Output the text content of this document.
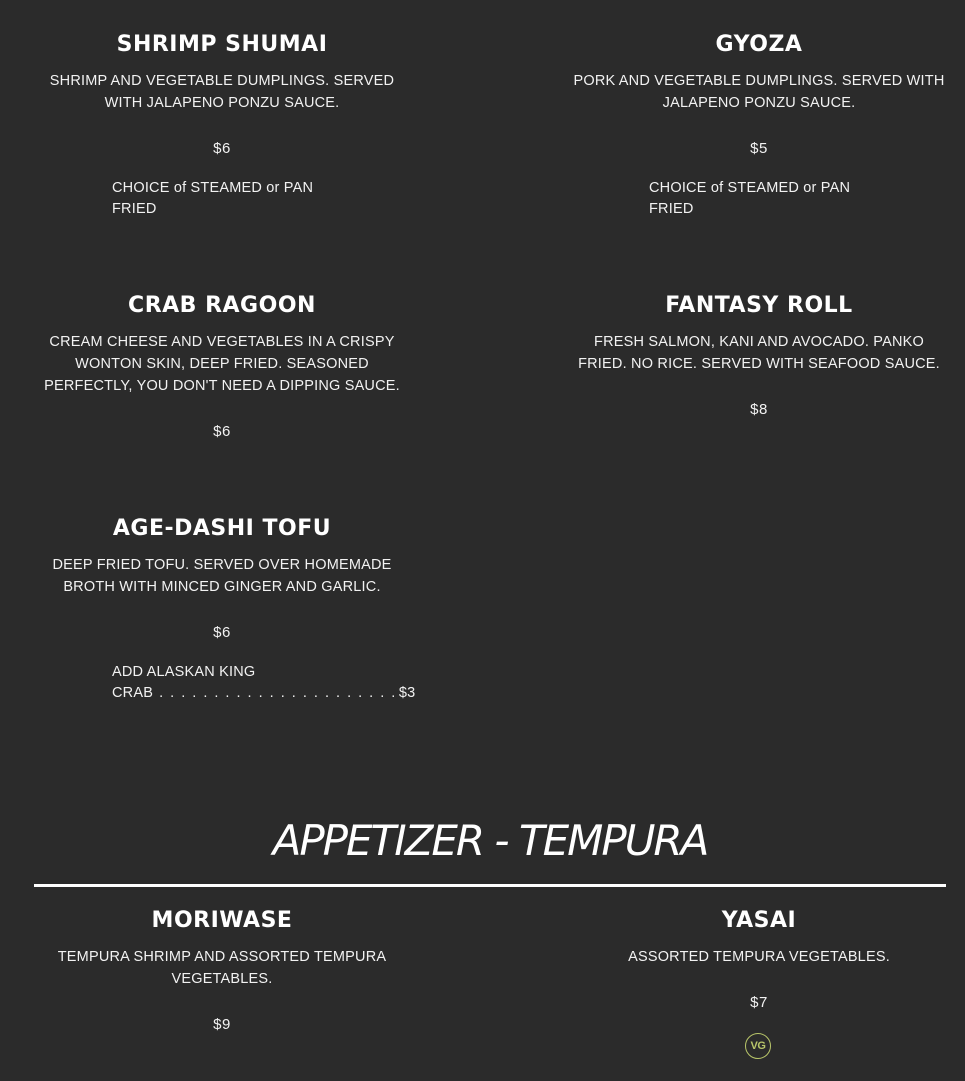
SHRIMP SHUMAI

SHRIMP AND VEGETABLE DUMPLINGS. SERVED WITH JALAPENO PONZU SAUCE.

$6
CHOICE of STEAMED or PAN
FRIED
GYOZA

PORK AND VEGETABLE DUMPLINGS. SERVED WITH JALAPENO PONZU SAUCE.

$5
CHOICE of STEAMED or PAN
FRIED
CRAB RAGOON

CREAM CHEESE AND VEGETABLES IN A CRISPY WONTON SKIN, DEEP FRIED. SEASONED PERFECTLY, YOU DON'T NEED A DIPPING SAUCE.

$6
FANTASY ROLL

FRESH SALMON, KANI AND AVOCADO. PANKO FRIED. NO RICE. SERVED WITH SEAFOOD SAUCE.

$8
AGE-DASHI TOFU

DEEP FRIED TOFU. SERVED OVER HOMEMADE BROTH WITH MINCED GINGER AND GARLIC.

$6
ADD ALASKAN KING
CRAB . . . . . . . . . . . . . . . . . . . . . . $3
APPETIZER - TEMPURA
MORIWASE

TEMPURA SHRIMP AND ASSORTED TEMPURA VEGETABLES.

$9
YASAI

ASSORTED TEMPURA VEGETABLES.

$7
VG
